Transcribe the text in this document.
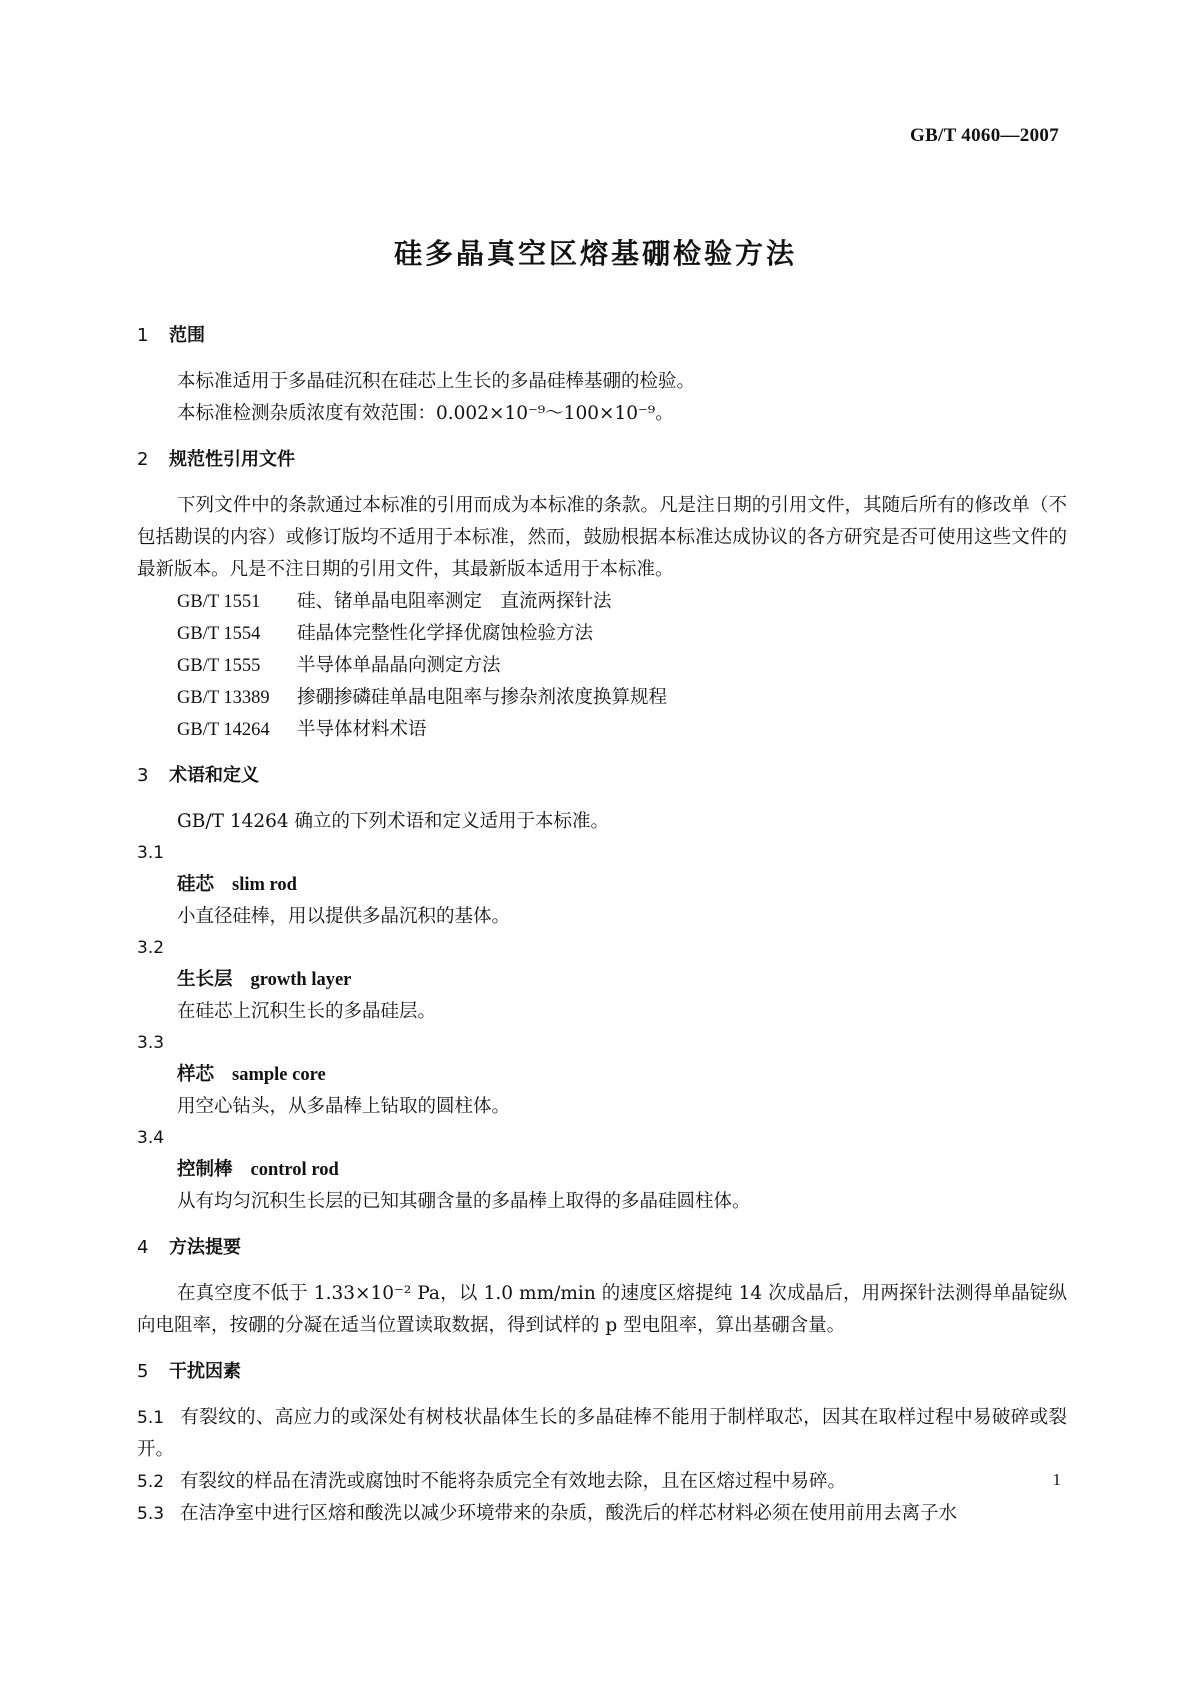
GB/T 4060—2007
硅多晶真空区熔基硼检验方法

1 范围

本标准适用于多晶硅沉积在硅芯上生长的多晶硅棒基硼的检验。

本标准检测杂质浓度有效范围：0.002×10⁻⁹～100×10⁻⁹。

2 规范性引用文件

下列文件中的条款通过本标准的引用而成为本标准的条款。凡是注日期的引用文件，其随后所有的修改单（不包括勘误的内容）或修订版均不适用于本标准，然而，鼓励根据本标准达成协议的各方研究是否可使用这些文件的最新版本。凡是不注日期的引用文件，其最新版本适用于本标准。

GB/T 1551 硅、锗单晶电阻率测定　直流两探针法

GB/T 1554 硅晶体完整性化学择优腐蚀检验方法

GB/T 1555 半导体单晶晶向测定方法

GB/T 13389 掺硼掺磷硅单晶电阻率与掺杂剂浓度换算规程

GB/T 14264 半导体材料术语

3 术语和定义

GB/T 14264 确立的下列术语和定义适用于本标准。

3.1

硅芯 slim rod

小直径硅棒，用以提供多晶沉积的基体。

3.2

生长层 growth layer

在硅芯上沉积生长的多晶硅层。

3.3

样芯 sample core

用空心钻头，从多晶棒上钻取的圆柱体。

3.4

控制棒 control rod

从有均匀沉积生长层的已知其硼含量的多晶棒上取得的多晶硅圆柱体。

4 方法提要

在真空度不低于 1.33×10⁻² Pa，以 1.0 mm/min 的速度区熔提纯 14 次成晶后，用两探针法测得单晶锭纵向电阻率，按硼的分凝在适当位置读取数据，得到试样的 p 型电阻率，算出基硼含量。

5 干扰因素

5.1 有裂纹的、高应力的或深处有树枝状晶体生长的多晶硅棒不能用于制样取芯，因其在取样过程中易破碎或裂开。

5.2 有裂纹的样品在清洗或腐蚀时不能将杂质完全有效地去除，且在区熔过程中易碎。

5.3 在洁净室中进行区熔和酸洗以减少环境带来的杂质，酸洗后的样芯材料必须在使用前用去离子水

1
